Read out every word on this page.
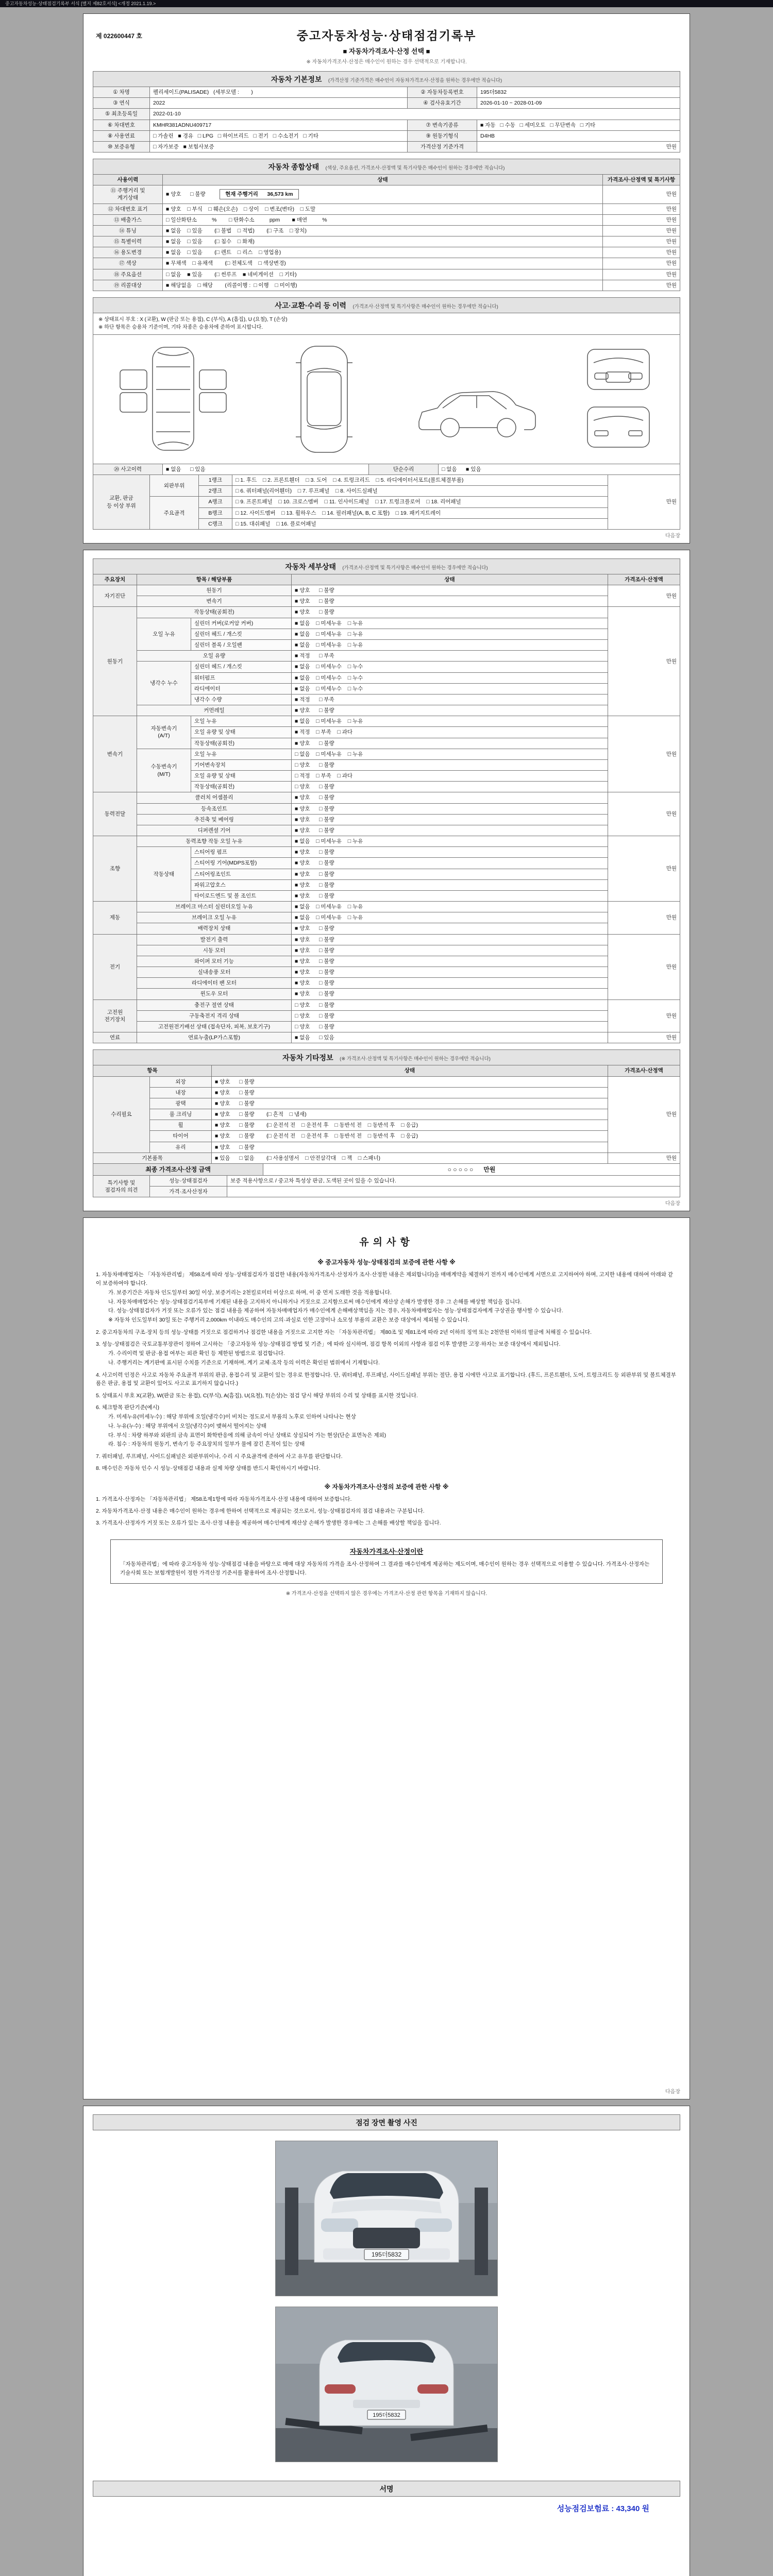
중고자동차성능·상태점검기록부 서식 [별지 제82호서식] <개정 2021.1.19.>
제 022600447 호	중고자동차성능·상태점검기록부
■ 자동차가격조사·산정 선택 ■
※ 자동차가격조사·산정은 매수인이 원하는 경우 선택적으로 기재합니다.
자동차 기본정보 (가격산정 기준가격은 매수인이 자동차가격조사·산정을 원하는 경우에만 적습니다)
① 차명	펠리세이드(PALISADE)   (세부모델 :        )	② 자동차등록번호	195더5832
③ 연식	2022	④ 검사유효기간	2026-01-10 ~ 2028-01-09
⑤ 최초등록일	2022-01-10		
⑥ 차대번호	KMHR381ADNU409717	⑦ 변속기종류	■ 자동   □ 수동   □ 세미오토   □ 무단변속   □ 기타
⑧ 사용연료	□ 가솔린   ■ 경유   □ LPG   □ 하이브리드   □ 전기   □ 수소전기   □ 기타	⑨ 원동기형식	D4HB
⑩ 보증유형	□ 자가보증   ■ 보험사보증	가격산정 기준가격	만원
자동차 종합상태 (색상, 주요옵션, 가격조사·산정액 및 특기사항은 매수인이 원하는 경우에만 적습니다)
사용이력	상태	가격조사·산정액 및 특기사항
⑪ 주행거리 및
계기상태	■ 양호      □ 불량      현재 주행거리      36,573 km	만원
⑫ 차대번호 표기	■ 양호    □ 부식    □ 훼손(오손)    □ 상이    □ 변조(변타)    □ 도말	만원
⑬ 배출가스	□ 일산화탄소          %        □ 탄화수소          ppm        ■ 매연          %	만원
⑭ 튜닝	■ 없음    □ 있음        (□ 불법    □ 적법)        (□ 구조    □ 장치)	만원
⑮ 특별이력	■ 없음    □ 있음        (□ 침수    □ 화재)	만원
⑯ 용도변경	■ 없음    □ 있음        (□ 렌트    □ 리스    □ 영업용)	만원
⑰ 색상	■ 무채색    □ 유채색        (□ 전체도색    □ 색상변경)	만원
⑱ 주요옵션	□ 없음    ■ 있음        (□ 썬루프    ■ 네비게이션    □ 기타)	만원
⑲ 리콜대상	■ 해당없음    □ 해당        (리콜이행 :  □ 이행    □ 미이행)	만원
사고·교환·수리 등 이력 (가격조사·산정액 및 특기사항은 매수인이 원하는 경우에만 적습니다)
※ 상태표시 부호 : X (교환), W (판금 또는 용접), C (부식), A (흠집), U (요철), T (손상)
※ 하단 항목은 승용차 기준이며, 기타 차종은 승용차에 준하여 표시합니다.
⑳ 사고이력	■ 없음      □ 있음	단순수리	□ 없음      ■ 있음
교환, 판금
등 이상 부위	외판부위	1랭크	□ 1. 후드    □ 2. 프론트휀더    □ 3. 도어    □ 4. 트렁크리드    □ 5. 라디에이터서포트(볼트체결부품)	만원
		2랭크	□ 6. 쿼터패널(리어휀더)    □ 7. 루프패널    □ 8. 사이드실패널	
	주요골격	A랭크	□ 9. 프론트패널    □ 10. 크로스멤버    □ 11. 인사이드패널    □ 17. 트렁크플로어    □ 18. 리어패널	
		B랭크	□ 12. 사이드멤버    □ 13. 휠하우스    □ 14. 필러패널(A, B, C 포함)    □ 19. 패키지트레이	
		C랭크	□ 15. 대쉬패널    □ 16. 플로어패널	
다음장
자동차 세부상태 (가격조사·산정액 및 특기사항은 매수인이 원하는 경우에만 적습니다)
주요장치	항목 / 해당부품		상태	가격조사·산정액
자기진단	원동기		■ 양호      □ 불량	만원
	변속기		■ 양호      □ 불량	
원동기	작동상태(공회전)		■ 양호      □ 불량	만원
	오일 누유	실린더 커버(로커암 커버)	■ 없음    □ 미세누유    □ 누유	
		실린더 헤드 / 개스킷	■ 없음    □ 미세누유    □ 누유	
		실린더 블록 / 오일팬	■ 없음    □ 미세누유    □ 누유	
	오일 유량		■ 적정      □ 부족	
	냉각수 누수	실린더 헤드 / 개스킷	■ 없음    □ 미세누수    □ 누수	
		워터펌프	■ 없음    □ 미세누수    □ 누수	
		라디에이터	■ 없음    □ 미세누수    □ 누수	
		냉각수 수량	■ 적정      □ 부족	
	커먼레일		■ 양호      □ 불량	
변속기	자동변속기
(A/T)	오일 누유	■ 없음    □ 미세누유    □ 누유	만원
		오일 유량 및 상태	■ 적정    □ 부족    □ 과다	
		작동상태(공회전)	■ 양호      □ 불량	
	수동변속기
(M/T)	오일 누유	□ 없음    □ 미세누유    □ 누유	
		기어변속장치	□ 양호      □ 불량	
		오일 유량 및 상태	□ 적정    □ 부족    □ 과다	
		작동상태(공회전)	□ 양호      □ 불량	
동력전달	클러치 어셈블리		■ 양호      □ 불량	만원
	등속조인트		■ 양호      □ 불량	
	추진축 및 베어링		■ 양호      □ 불량	
	디퍼렌셜 기어		■ 양호      □ 불량	
조향	동력조향 작동 오일 누유		■ 없음    □ 미세누유    □ 누유	만원
	작동상태	스티어링 펌프	■ 양호      □ 불량	
		스티어링 기어(MDPS포함)	■ 양호      □ 불량	
		스티어링조인트	■ 양호      □ 불량	
		파워고압호스	■ 양호      □ 불량	
		타이로드엔드 및 볼 조인트	■ 양호      □ 불량	
제동	브레이크 마스터 실린더오일 누유		■ 없음    □ 미세누유    □ 누유	만원
	브레이크 오일 누유		■ 없음    □ 미세누유    □ 누유	
	배력장치 상태		■ 양호      □ 불량	
전기	발전기 출력		■ 양호      □ 불량	만원
	시동 모터		■ 양호      □ 불량	
	와이퍼 모터 기능		■ 양호      □ 불량	
	실내송풍 모터		■ 양호      □ 불량	
	라디에이터 팬 모터		■ 양호      □ 불량	
	윈도우 모터		■ 양호      □ 불량	
고전원
전기장치	충전구 절연 상태		□ 양호      □ 불량	만원
	구동축전지 격리 상태		□ 양호      □ 불량	
	고전원전기배선 상태 (접속단자, 피복, 보호기구)		□ 양호      □ 불량	
연료	연료누출(LP가스포함)		■ 없음      □ 있음	만원
자동차 기타정보 (※ 가격조사·산정액 및 특기사항은 매수인이 원하는 경우에만 적습니다)
항목		상태	가격조사·산정액
수리필요	외장	■ 양호      □ 불량	만원
	내장	■ 양호      □ 불량	
	광택	■ 양호      □ 불량	
	룸 크리닝	■ 양호      □ 불량        (□ 흔적    □ 냄새)	
	휠	■ 양호      □ 불량        (□ 운전석 전    □ 운전석 후    □ 동반석 전    □ 동반석 후    □ 응급)	
	타이어	■ 양호      □ 불량        (□ 운전석 전    □ 운전석 후    □ 동반석 전    □ 동반석 후    □ 응급)	
	유리	■ 양호      □ 불량	
기본품목		■ 있음      □ 없음        (□ 사용설명서    □ 안전삼각대    □ 잭    □ 스패너)	만원
최종 가격조사·산정 금액	○ ○ ○ ○ ○      만원
특기사항 및
점검자의 의견	성능·상태점검자	보증 적용사항으로 / 중고차 특성상 판금, 도색된 곳이 있을 수 있습니다.
	가격·조사산정자	
다음장
유의사항
※ 중고자동차 성능·상태점검의 보증에 관한 사항 ※
1. 자동차매매업자는 「자동차관리법」 제58조에 따라 성능·상태점검자가 점검한 내용(자동차가격조사·산정자가 조사·산정한 내용은 제외합니다)을 매매계약을 체결하기 전까지 매수인에게 서면으로 고지하여야 하며, 고지한 내용에 대하여 아래와 같이 보증하여야 합니다.
가. 보증기간은 자동차 인도일부터 30일 이상, 보증거리는 2천킬로미터 이상으로 하며, 이 중 먼저 도래한 것을 적용합니다.
나. 자동차매매업자는 성능·상태점검기록부에 기재된 내용을 고지하지 아니하거나 거짓으로 고지함으로써 매수인에게 재산상 손해가 발생한 경우 그 손해를 배상할 책임을 집니다.
다. 성능·상태점검자가 거짓 또는 오류가 있는 점검 내용을 제공하여 자동차매매업자가 매수인에게 손해배상책임을 지는 경우, 자동차매매업자는 성능·상태점검자에게 구상권을 행사할 수 있습니다.
※ 자동차 인도일부터 30일 또는 주행거리 2,000km 이내라도 매수인의 고의·과실로 인한 고장이나 소모성 부품의 교환은 보증 대상에서 제외될 수 있습니다.
2. 중고자동차의 구조·장치 등의 성능·상태를 거짓으로 점검하거나 점검한 내용을 거짓으로 고지한 자는 「자동차관리법」 제80조 및 제81조에 따라 2년 이하의 징역 또는 2천만원 이하의 벌금에 처해질 수 있습니다.
3. 성능·상태점검은 국토교통부장관이 정하여 고시하는 「중고자동차 성능·상태점검 방법 및 기준」에 따라 실시하며, 점검 항목 이외의 사항과 점검 이후 발생한 고장·하자는 보증 대상에서 제외됩니다.
가. 수리이력 및 판금·용접 여부는 외관 확인 등 제한된 방법으로 점검합니다.
나. 주행거리는 계기판에 표시된 수치를 기준으로 기재하며, 계기 교체·조작 등의 이력은 확인된 범위에서 기재합니다.
4. 사고이력 인정은 사고로 자동차 주요골격 부위의 판금, 용접수리 및 교환이 있는 경우로 한정합니다. 단, 쿼터패널, 루프패널, 사이드실패널 부위는 절단, 용접 시에만 사고로 표기합니다. (후드, 프론트휀더, 도어, 트렁크리드 등 외판부위 및 볼트체결부품은 판금, 용접 및 교환이 있어도 사고로 표기하지 않습니다.)
5. 상태표시 부호 X(교환), W(판금 또는 용접), C(부식), A(흠집), U(요철), T(손상)는 점검 당시 해당 부위의 수리 및 상태를 표시한 것입니다.
6. 체크항목 판단기준(예시)
가. 미세누유(미세누수) : 해당 부위에 오일(냉각수)이 비치는 정도로서 부품의 노후로 인하여 나타나는 현상
나. 누유(누수) : 해당 부위에서 오일(냉각수)이 맺혀서 떨어지는 상태
다. 부식 : 차량 하부와 외판의 금속 표면이 화학반응에 의해 금속이 아닌 상태로 상실되어 가는 현상(단순 표면녹은 제외)
라. 침수 : 자동차의 원동기, 변속기 등 주요장치의 일부가 물에 잠긴 흔적이 있는 상태
7. 쿼터패널, 루프패널, 사이드실패널은 외판부위이나, 수리 시 주요골격에 준하여 사고 유무를 판단합니다.
8. 매수인은 자동차 인수 시 성능·상태점검 내용과 실제 차량 상태를 반드시 확인하시기 바랍니다.
※ 자동차가격조사·산정의 보증에 관한 사항 ※
1. 가격조사·산정자는 「자동차관리법」 제58조제1항에 따라 자동차가격조사·산정 내용에 대하여 보증합니다.
2. 자동차가격조사·산정 내용은 매수인이 원하는 경우에 한하여 선택적으로 제공되는 것으로서, 성능·상태점검자의 점검 내용과는 구분됩니다.
3. 가격조사·산정자가 거짓 또는 오류가 있는 조사·산정 내용을 제공하여 매수인에게 재산상 손해가 발생한 경우에는 그 손해를 배상할 책임을 집니다.
자동차가격조사·산정이란
「자동차관리법」에 따라 중고자동차 성능·상태점검 내용을 바탕으로 매매 대상 자동차의 가격을 조사·산정하여 그 결과를 매수인에게 제공하는 제도이며, 매수인이 원하는 경우 선택적으로 이용할 수 있습니다. 가격조사·산정자는 기술사회 또는 보험개발원이 정한 가격산정 기준서를 활용하여 조사·산정합니다.
※ 가격조사·산정을 선택하지 않은 경우에는 가격조사·산정 관련 항목을 기재하지 않습니다.
다음장
점검 장면 촬영 사진
195더5832
195더5832
서명
성능점검보험료 : 43,340 원
